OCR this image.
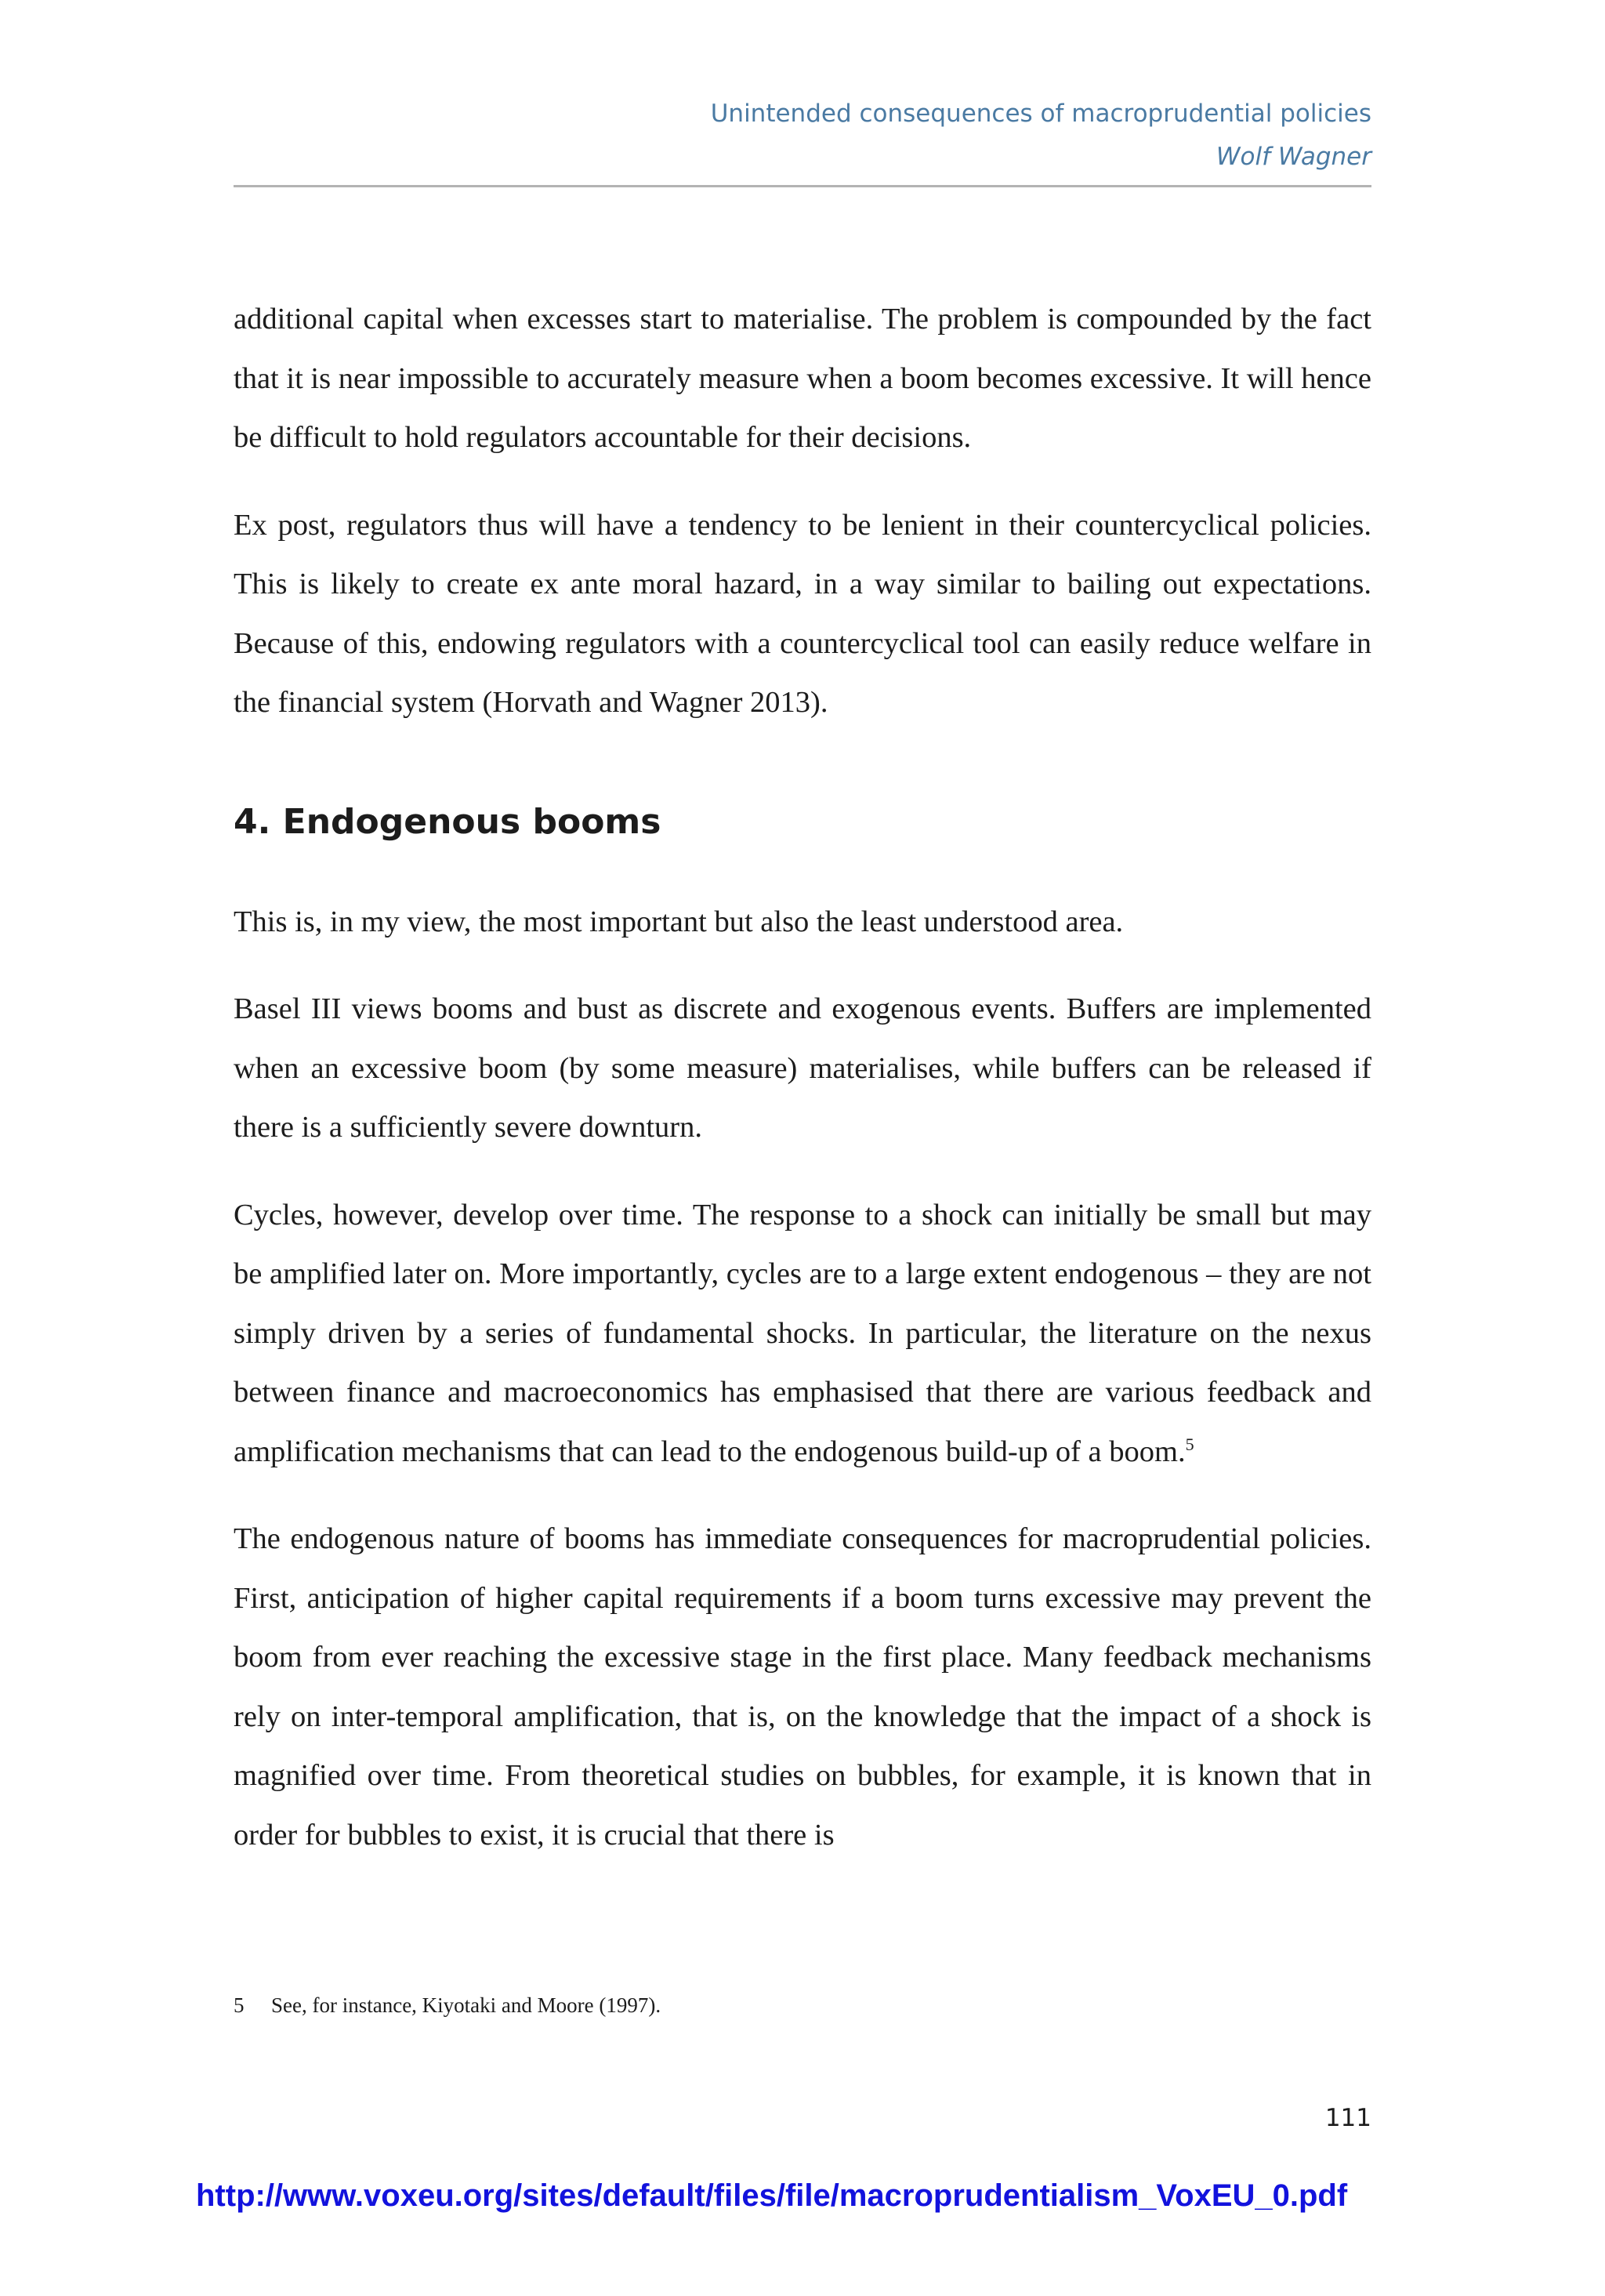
Unintended consequences of macroprudential policies
Wolf Wagner

additional capital when excesses start to materialise. The problem is compounded by the fact that it is near impossible to accurately measure when a boom becomes excessive. It will hence be difficult to hold regulators accountable for their decisions.

Ex post, regulators thus will have a tendency to be lenient in their countercyclical policies. This is likely to create ex ante moral hazard, in a way similar to bailing out expectations. Because of this, endowing regulators with a countercyclical tool can easily reduce welfare in the financial system (Horvath and Wagner 2013).

4. Endogenous booms

This is, in my view, the most important but also the least understood area.

Basel III views booms and bust as discrete and exogenous events. Buffers are implemented when an excessive boom (by some measure) materialises, while buffers can be released if there is a sufficiently severe downturn.

Cycles, however, develop over time. The response to a shock can initially be small but may be amplified later on. More importantly, cycles are to a large extent endogenous – they are not simply driven by a series of fundamental shocks. In particular, the literature on the nexus between finance and macroeconomics has emphasised that there are various feedback and amplification mechanisms that can lead to the endogenous build-up of a boom.$^5$

The endogenous nature of booms has immediate consequences for macroprudential policies. First, anticipation of higher capital requirements if a boom turns excessive may prevent the boom from ever reaching the excessive stage in the first place. Many feedback mechanisms rely on inter-temporal amplification, that is, on the knowledge that the impact of a shock is magnified over time. From theoretical studies on bubbles, for example, it is known that in order for bubbles to exist, it is crucial that there is

5 See, for instance, Kiyotaki and Moore (1997).
111
http://www.voxeu.org/sites/default/files/file/macroprudentialism_VoxEU_0.pdf
